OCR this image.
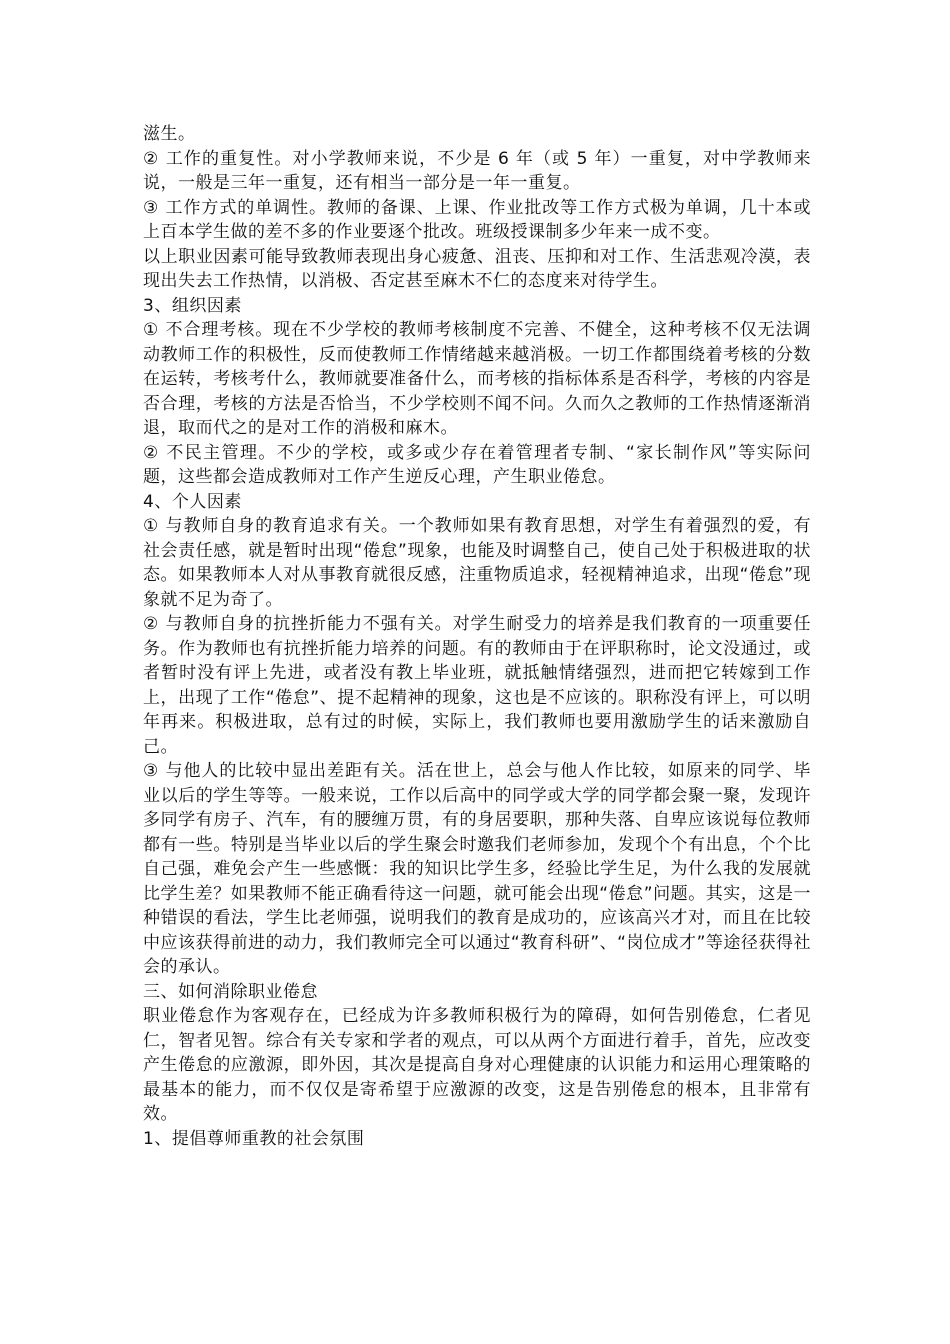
滋生。

② 工作的重复性。对小学教师来说，不少是 6 年（或 5 年）一重复，对中学教师来说，一般是三年一重复，还有相当一部分是一年一重复。

③ 工作方式的单调性。教师的备课、上课、作业批改等工作方式极为单调，几十本或上百本学生做的差不多的作业要逐个批改。班级授课制多少年来一成不变。

以上职业因素可能导致教师表现出身心疲惫、沮丧、压抑和对工作、生活悲观冷漠，表现出失去工作热情，以消极、否定甚至麻木不仁的态度来对待学生。

3、组织因素

① 不合理考核。现在不少学校的教师考核制度不完善、不健全，这种考核不仅无法调动教师工作的积极性，反而使教师工作情绪越来越消极。一切工作都围绕着考核的分数在运转，考核考什么，教师就要准备什么，而考核的指标体系是否科学，考核的内容是否合理，考核的方法是否恰当，不少学校则不闻不问。久而久之教师的工作热情逐渐消退，取而代之的是对工作的消极和麻木。

② 不民主管理。不少的学校，或多或少存在着管理者专制、“家长制作风”等实际问题，这些都会造成教师对工作产生逆反心理，产生职业倦怠。

4、个人因素

① 与教师自身的教育追求有关。一个教师如果有教育思想，对学生有着强烈的爱，有社会责任感，就是暂时出现“倦怠”现象，也能及时调整自己，使自己处于积极进取的状态。如果教师本人对从事教育就很反感，注重物质追求，轻视精神追求，出现“倦怠”现象就不足为奇了。

② 与教师自身的抗挫折能力不强有关。对学生耐受力的培养是我们教育的一项重要任务。作为教师也有抗挫折能力培养的问题。有的教师由于在评职称时，论文没通过，或者暂时没有评上先进，或者没有教上毕业班，就抵触情绪强烈，进而把它转嫁到工作上，出现了工作“倦怠”、提不起精神的现象，这也是不应该的。职称没有评上，可以明年再来。积极进取，总有过的时候，实际上，我们教师也要用激励学生的话来激励自己。

③ 与他人的比较中显出差距有关。活在世上，总会与他人作比较，如原来的同学、毕业以后的学生等等。一般来说，工作以后高中的同学或大学的同学都会聚一聚，发现许多同学有房子、汽车，有的腰缠万贯，有的身居要职，那种失落、自卑应该说每位教师都有一些。特别是当毕业以后的学生聚会时邀我们老师参加，发现个个有出息，个个比自己强，难免会产生一些感慨：我的知识比学生多，经验比学生足，为什么我的发展就比学生差？如果教师不能正确看待这一问题，就可能会出现“倦怠”问题。其实，这是一种错误的看法，学生比老师强，说明我们的教育是成功的，应该高兴才对，而且在比较中应该获得前进的动力，我们教师完全可以通过“教育科研”、“岗位成才”等途径获得社会的承认。

三、如何消除职业倦怠

职业倦怠作为客观存在，已经成为许多教师积极行为的障碍，如何告别倦怠，仁者见仁，智者见智。综合有关专家和学者的观点，可以从两个方面进行着手，首先，应改变产生倦怠的应激源，即外因，其次是提高自身对心理健康的认识能力和运用心理策略的最基本的能力，而不仅仅是寄希望于应激源的改变，这是告别倦怠的根本，且非常有效。

1、提倡尊师重教的社会氛围
